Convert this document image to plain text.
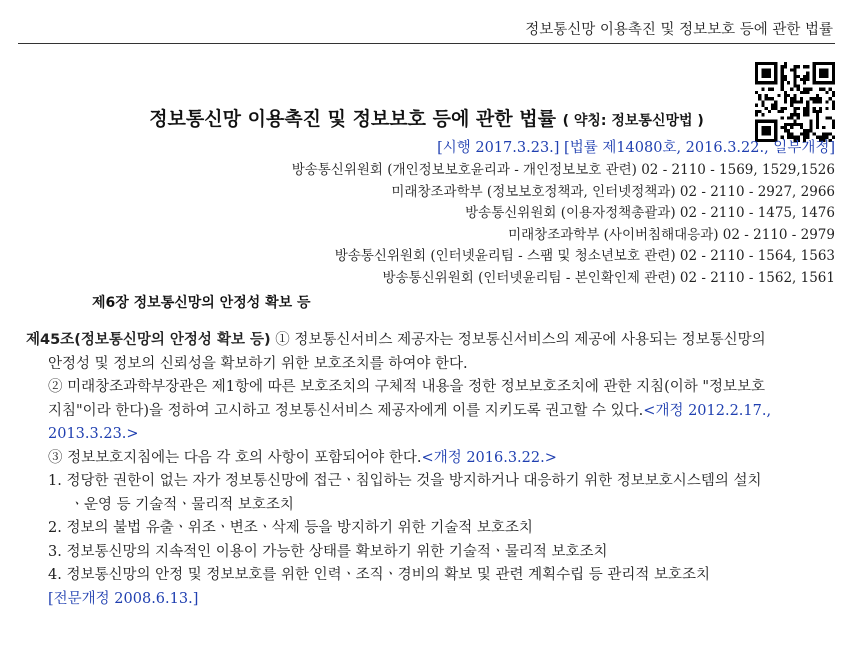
정보통신망 이용촉진 및 정보보호 등에 관한 법률
정보통신망 이용촉진 및 정보보호 등에 관한 법률 ( 약칭: 정보통신망법 )
[시행 2017.3.23.] [법률 제14080호, 2016.3.22., 일부개정]
방송통신위원회 (개인정보보호윤리과 - 개인정보보호 관련) 02 - 2110 - 1569, 1529,1526
미래창조과학부 (정보보호정책과, 인터넷정책과) 02 - 2110 - 2927, 2966
방송통신위원회 (이용자정책총괄과) 02 - 2110 - 1475, 1476
미래창조과학부 (사이버침해대응과) 02 - 2110 - 2979
방송통신위원회 (인터넷윤리팀 - 스팸 및 청소년보호 관련) 02 - 2110 - 1564, 1563
방송통신위원회 (인터넷윤리팀 - 본인확인제 관련) 02 - 2110 - 1562, 1561
제6장 정보통신망의 안정성 확보 등

제45조(정보통신망의 안정성 확보 등) ① 정보통신서비스 제공자는 정보통신서비스의 제공에 사용되는 정보통신망의

안정성 및 정보의 신뢰성을 확보하기 위한 보호조치를 하여야 한다.

② 미래창조과학부장관은 제1항에 따른 보호조치의 구체적 내용을 정한 정보보호조치에 관한 지침(이하 "정보보호

지침"이라 한다)을 정하여 고시하고 정보통신서비스 제공자에게 이를 지키도록 권고할 수 있다.<개정 2012.2.17.,

2013.3.23.>

③ 정보보호지침에는 다음 각 호의 사항이 포함되어야 한다.<개정 2016.3.22.>

1. 정당한 권한이 없는 자가 정보통신망에 접근ㆍ침입하는 것을 방지하거나 대응하기 위한 정보보호시스템의 설치

ㆍ운영 등 기술적ㆍ물리적 보호조치

2. 정보의 불법 유출ㆍ위조ㆍ변조ㆍ삭제 등을 방지하기 위한 기술적 보호조치

3. 정보통신망의 지속적인 이용이 가능한 상태를 확보하기 위한 기술적ㆍ물리적 보호조치

4. 정보통신망의 안정 및 정보보호를 위한 인력ㆍ조직ㆍ경비의 확보 및 관련 계획수립 등 관리적 보호조치

[전문개정 2008.6.13.]
